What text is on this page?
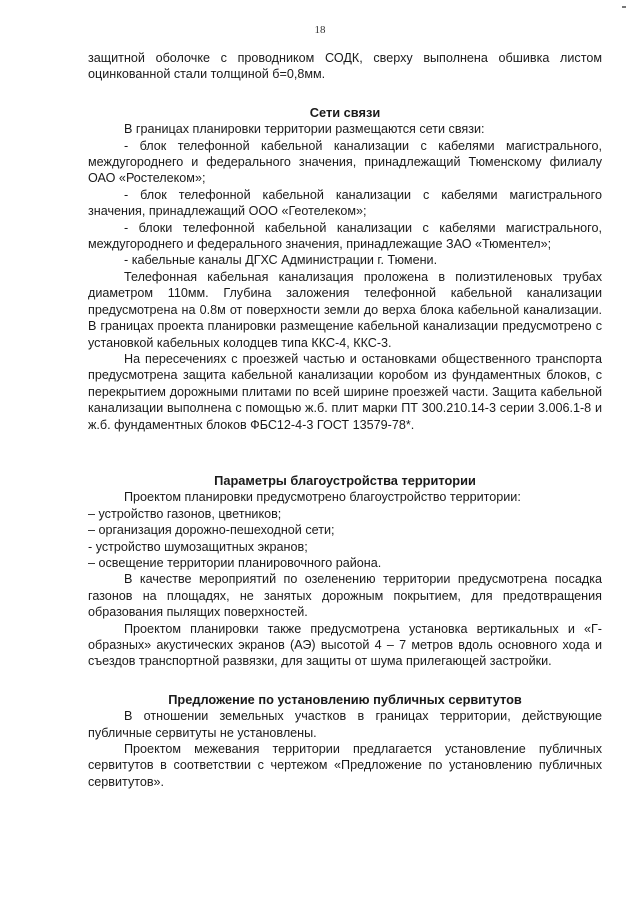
18

защитной оболочке с проводником СОДК, сверху выполнена обшивка листом оцинкованной стали толщиной б=0,8мм.

Сети связи

В границах планировки территории размещаются сети связи:

- блок телефонной кабельной канализации с кабелями магистрального, междугороднего и федерального значения, принадлежащий Тюменскому филиалу ОАО «Ростелеком»;

- блок телефонной кабельной канализации с кабелями магистрального значения, принадлежащий ООО «Геотелеком»;

- блоки телефонной кабельной канализации с кабелями магистрального, междугороднего и федерального значения, принадлежащие ЗАО «Тюментел»;

- кабельные каналы ДГХС Администрации г. Тюмени.

Телефонная кабельная канализация проложена в полиэтиленовых трубах диаметром 110мм. Глубина заложения телефонной кабельной канализации предусмотрена на 0.8м от поверхности земли до верха блока кабельной канализации. В границах проекта планировки размещение кабельной канализации предусмотрено с установкой кабельных колодцев типа ККС-4, ККС-3.

На пересечениях с проезжей частью и остановками общественного транспорта предусмотрена защита кабельной канализации коробом из фундаментных блоков, с перекрытием дорожными плитами по всей ширине проезжей части. Защита кабельной канализации выполнена с помощью ж.б. плит марки ПТ 300.210.14-3 серии 3.006.1-8 и ж.б. фундаментных блоков ФБС12-4-3 ГОСТ 13579-78*.

Параметры благоустройства территории

Проектом планировки предусмотрено благоустройство территории:

– устройство газонов, цветников;

– организация дорожно-пешеходной сети;

- устройство шумозащитных экранов;

– освещение территории планировочного района.

В качестве мероприятий по озеленению территории предусмотрена посадка газонов на площадях, не занятых дорожным покрытием, для предотвращения образования пылящих поверхностей.

Проектом планировки также предусмотрена установка вертикальных и «Г-образных» акустических экранов (АЭ) высотой 4 – 7 метров вдоль основного хода и съездов транспортной развязки, для защиты от шума прилегающей застройки.

Предложение по установлению публичных сервитутов

В отношении земельных участков в границах территории, действующие публичные сервитуты не установлены.

Проектом межевания территории предлагается установление публичных сервитутов в соответствии с чертежом «Предложение по установлению публичных сервитутов».
